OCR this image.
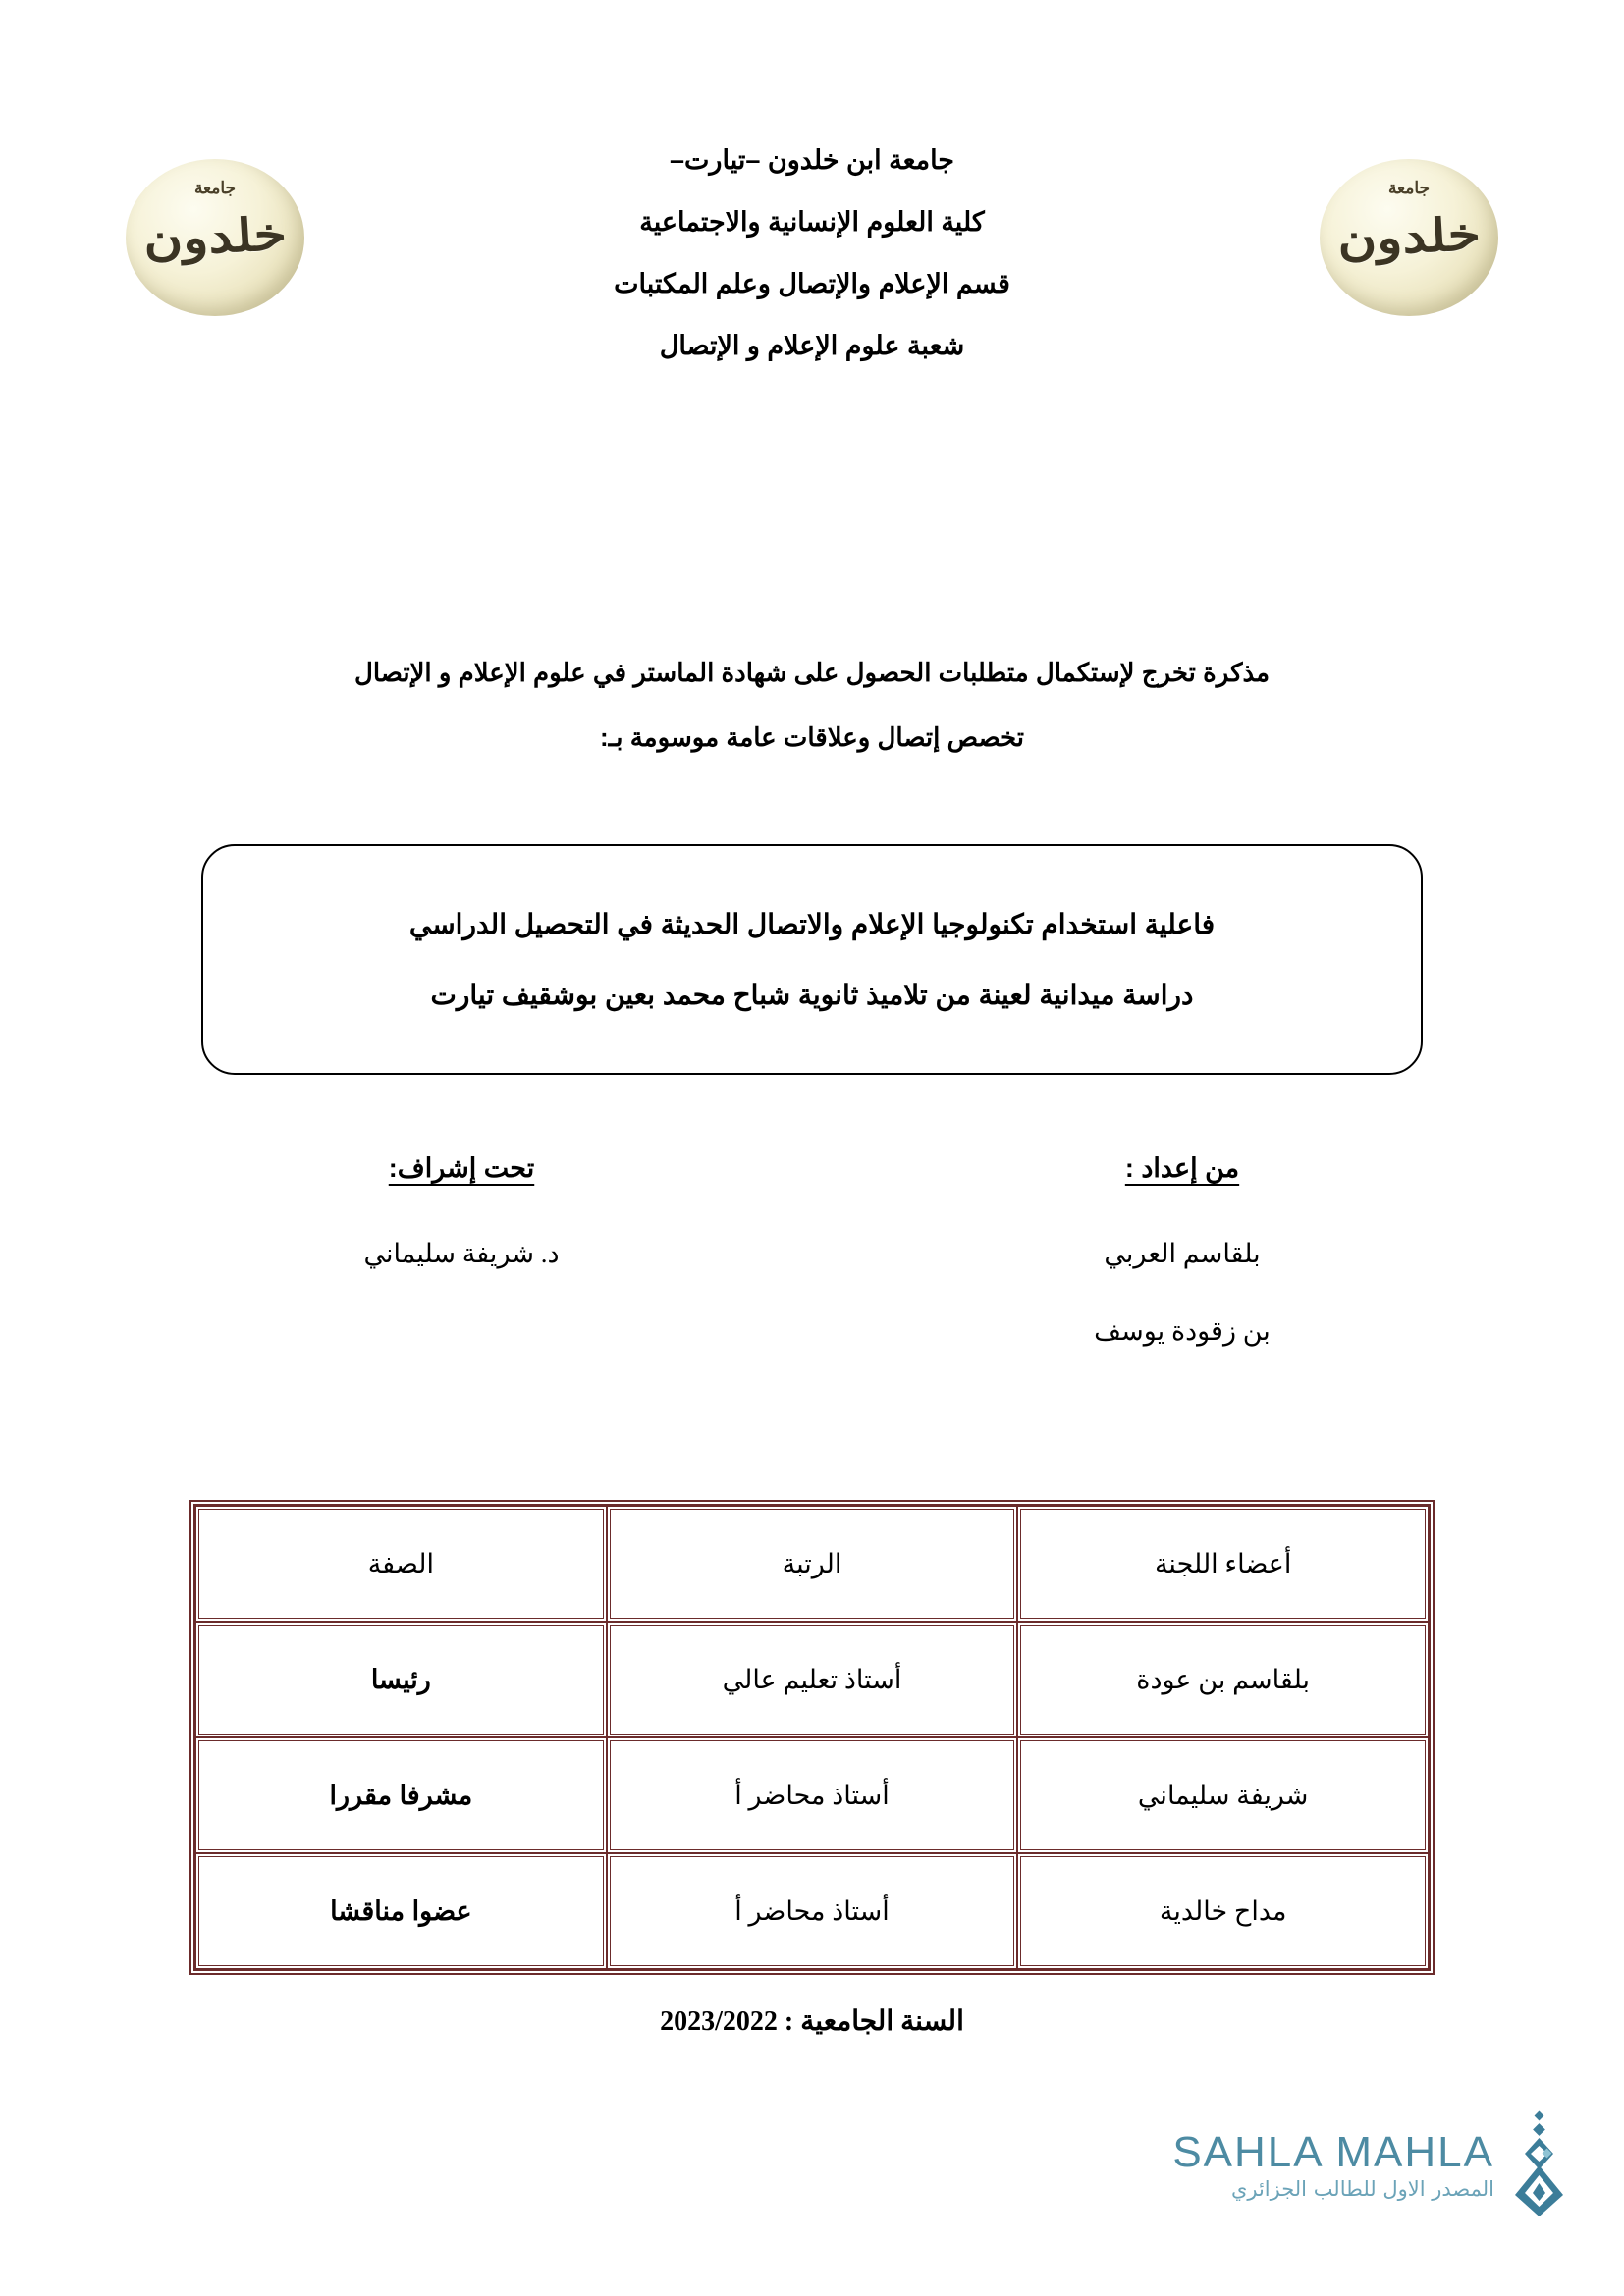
جامعة
خلدون
جامعة
خلدون
جامعة ابن خلدون –تيارت–
كلية العلوم الإنسانية والاجتماعية
قسم الإعلام والإتصال وعلم المكتبات
شعبة علوم الإعلام و الإتصال
مذكرة تخرج لإستكمال متطلبات الحصول على شهادة الماستر في علوم الإعلام و الإتصال
تخصص إتصال وعلاقات عامة موسومة بـ:
فاعلية استخدام تكنولوجيا الإعلام والاتصال الحديثة في التحصيل الدراسي
دراسة ميدانية لعينة من تلاميذ ثانوية شباح محمد بعين بوشقيف تيارت
من إعداد :
بلقاسم العربي
بن زقودة يوسف
تحت إشراف:
د. شريفة سليماني
أعضاء اللجنة	الرتبة	الصفة
بلقاسم بن عودة	أستاذ تعليم عالي	رئيسا
شريفة سليماني	أستاذ محاضر أ	مشرفا مقررا
مداح خالدية	أستاذ محاضر أ	عضوا مناقشا
السنة الجامعية : 2023/2022
SAHLA MAHLA
المصدر الاول للطالب الجزائري
